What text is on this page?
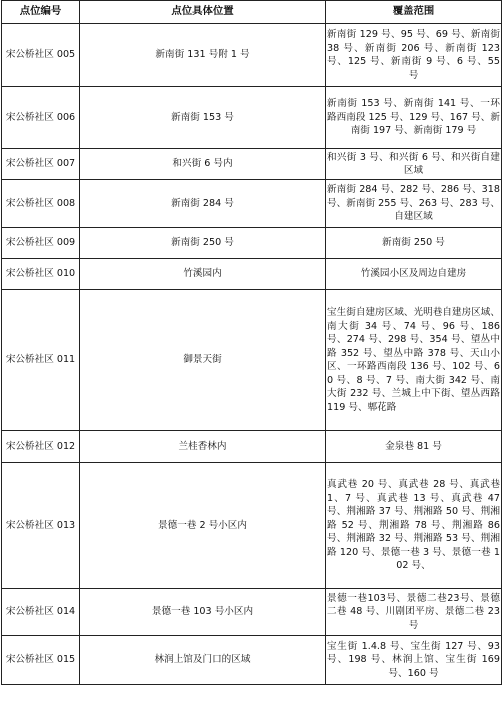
点位编号	点位具体位置	覆盖范围
宋公桥社区 005	新南街 131 号附 1 号	新南街 129 号、95 号、69 号、新南街 38 号、新南街 206 号、新南街 123 号、125 号、新南街 9 号、6 号、55 号
宋公桥社区 006	新南街 153 号	新南街 153 号、新南街 141 号、一环路西南段 125 号、129 号、167 号、新南街 197 号、新南街 179 号
宋公桥社区 007	和兴街 6 号内	和兴街 3 号、和兴街 6 号、和兴街自建区域
宋公桥社区 008	新南街 284 号	新南街 284 号、282 号、286 号、318 号、新南街 255 号、263 号、283 号、自建区域
宋公桥社区 009	新南街 250 号	新南街 250 号
宋公桥社区 010	竹溪园内	竹溪园小区及周边自建房
宋公桥社区 011	御景天街	宝生街自建房区域、光明巷自建房区域、南大街 34 号、74 号、96 号、186 号、274 号、298 号、354 号、望丛中路 352 号、望丛中路 378 号、天山小区、一环路西南段 136 号、102 号、60 号、8 号、7 号、南大街 342 号、南大街 232 号、兰城上中下街、望丛西路 119 号、郫花路
宋公桥社区 012	兰桂香林内	金泉巷 81 号
宋公桥社区 013	景德一巷 2 号小区内	真武巷 20 号、真武巷 28 号、真武巷 1、7 号、真武巷 13 号、真武巷 47 号、荆湘路 37 号、荆湘路 50 号、荆湘路 52 号、荆湘路 78 号、荆湘路 86 号、荆湘路 32 号、荆湘路 53 号、荆湘路 120 号、景德一巷 3 号、景德一巷 102 号、
宋公桥社区 014	景德一巷 103 号小区内	景德一巷103号、景德二巷23号、景德二巷 48 号、川剧团平房、景德二巷 23 号
宋公桥社区 015	林润上馆及门口的区域	宝生街 1.4.8 号、宝生街 127 号、93 号、198 号、林润上馆、宝生街 169 号、160 号
